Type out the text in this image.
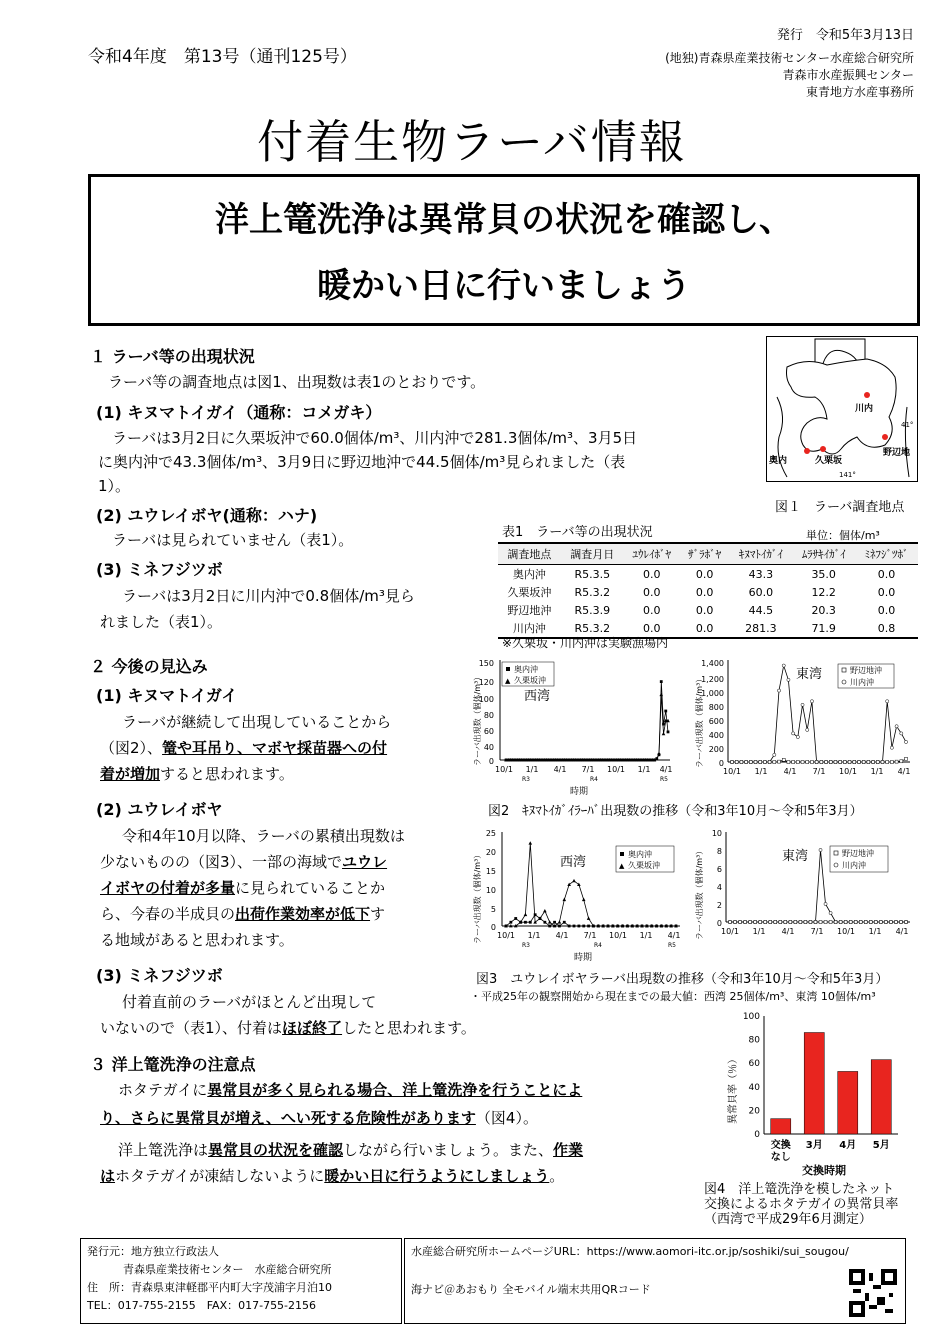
令和4年度　第13号（通刊125号）
発行　令和5年3月13日
(地独)青森県産業技術センター水産総合研究所
青森市水産振興センター
東青地方水産事務所
付着生物ラーバ情報
洋上篭洗浄は異常貝の状況を確認し、
暖かい日に行いましょう
１ ラーバ等の出現状況
ラーバ等の調査地点は図1、出現数は表1のとおりです。
(1) キヌマトイガイ（通称：コメガキ）
ラーバは3月2日に久栗坂沖で60.0個体/m³、川内沖で281.3個体/m³、3月5日
に奥内沖で43.3個体/m³、3月9日に野辺地沖で44.5個体/m³見られました（表
1）。
(2) ユウレイボヤ(通称：ハナ)
ラーバは見られていません（表1）。
(3) ミネフジツボ
ラーバは3月2日に川内沖で0.8個体/m³見ら
れました（表1）。
川内
奥内	久栗坂
野辺地
41°
141°
図１　ラーバ調査地点
表1　ラーバ等の出現状況	単位：個体/m³
調査地点	調査月日	ﾕｳﾚｲﾎﾞﾔ	ｻﾞﾗﾎﾞﾔ	ｷﾇﾏﾄｲｶﾞｲ	ﾑﾗｻｷｲｶﾞｲ	ﾐﾈﾌｼﾞﾂﾎﾞ
奥内沖	R5.3.5	0.0	0.0	43.3	35.0	0.0
久栗坂沖	R5.3.2	0.0	0.0	60.0	12.2	0.0
野辺地沖	R5.3.9	0.0	0.0	44.5	20.3	0.0
川内沖	R5.3.2	0.0	0.0	281.3	71.9	0.8
※久栗坂・川内沖は実験漁場内
２ 今後の見込み
(1) キヌマトイガイ
ラーバが継続して出現していることから
（図2）、篭や耳吊り、マボヤ採苗器への付
着が増加すると思われます。
(2) ユウレイボヤ
令和4年10月以降、ラーバの累積出現数は
少ないものの（図3）、一部の海域でユウレ
イボヤの付着が多量に見られていることか
ら、今春の半成貝の出荷作業効率が低下す
る地域があると思われます。
(3) ミネフジツボ
付着直前のラーバがほとんど出現して
いないので（表1）、付着はほぼ終了したと思われます。
３ 洋上篭洗浄の注意点
ホタテガイに異常貝が多く見られる場合、洋上篭洗浄を行うことによ
り、さらに異常貝が増え、へい死する危険性があります（図4）。
洋上篭洗浄は異常貝の状況を確認しながら行いましょう。また、作業
はホタテガイが凍結しないように暖かい日に行うようにしましょう。
ラーバ出現数（個体/m³）
150
120
100
80
60
40
0
西湾
奥内沖
▲ 久栗坂沖
10/1 1/1 4/1 7/1 10/1 1/1 4/1
R3	R4	R5
時期
ラーバ出現数（個体/m³）
1,400
1,200
1,000
800
600
400
200
0
東湾	野辺地沖
川内沖
10/1 1/1 4/1 7/1 10/1 1/1 4/1
図2　ｷﾇﾏﾄｲｶﾞｲﾗｰﾊﾞ出現数の推移（令和3年10月～令和5年3月）
ラーバ出現数（個体/m³）
25
20
15
10
5
0
西湾
奥内沖
▲ 久栗坂沖
10/1 1/1 4/1 7/1 10/1 1/1 4/1
R3	R4	R5
時期
ラーバ出現数（個体/m³）
10
8
6
4
2
0
東湾	野辺地沖
川内沖
10/1 1/1 4/1 7/1 10/1 1/1 4/1
図3　ユウレイボヤラーバ出現数の推移（令和3年10月～令和5年3月）
・平成25年の観察開始から現在までの最大値：西湾 25個体/m³、東湾 10個体/m³
異常貝率（％）
0
20
40
60
80
100
交換
なし
3月 4月 5月
交換時期
図4　洋上篭洗浄を模したネット
交換によるホタテガイの異常貝率
（西湾で平成29年6月測定）
発行元：地方独立行政法人
青森県産業技術センター　水産総合研究所
住　所：青森県東津軽郡平内町大字茂浦字月泊10
TEL：017-755-2155　FAX：017-755-2156
水産総合研究所ホームページURL：https://www.aomori-itc.or.jp/soshiki/sui_sougou/
海ナビ＠あおもり 全モバイル端末共用QRコード
